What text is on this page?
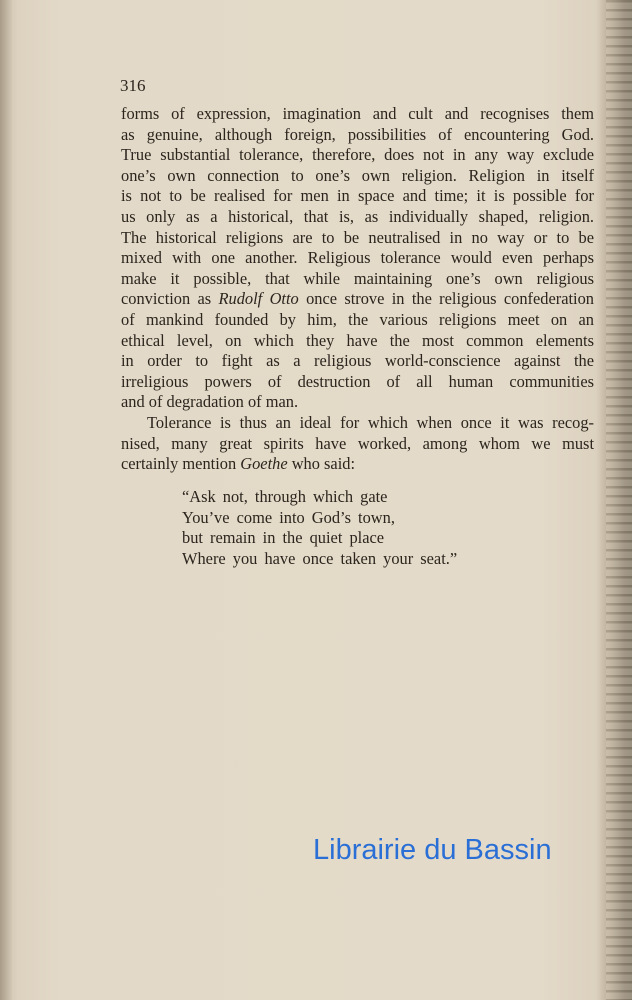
316
forms of expression, imagination and cult and recognises them
as genuine, although foreign, possibilities of encountering God.
True substantial tolerance, therefore, does not in any way exclude
one’s own connection to one’s own religion. Religion in itself
is not to be realised for men in space and time; it is possible for
us only as a historical, that is, as individually shaped, religion.
The historical religions are to be neutralised in no way or to be
mixed with one another. Religious tolerance would even perhaps
make it possible, that while maintaining one’s own religious
conviction as Rudolf Otto once strove in the religious confederation
of mankind founded by him, the various religions meet on an
ethical level, on which they have the most common elements
in order to fight as a religious world-conscience against the
irreligious powers of destruction of all human communities
and of degradation of man.
Tolerance is thus an ideal for which when once it was recog-
nised, many great spirits have worked, among whom we must
certainly mention Goethe who said:
“Ask not, through which gate
You’ve come into God’s town,
but remain in the quiet place
Where you have once taken your seat.”
Librairie du Bassin
